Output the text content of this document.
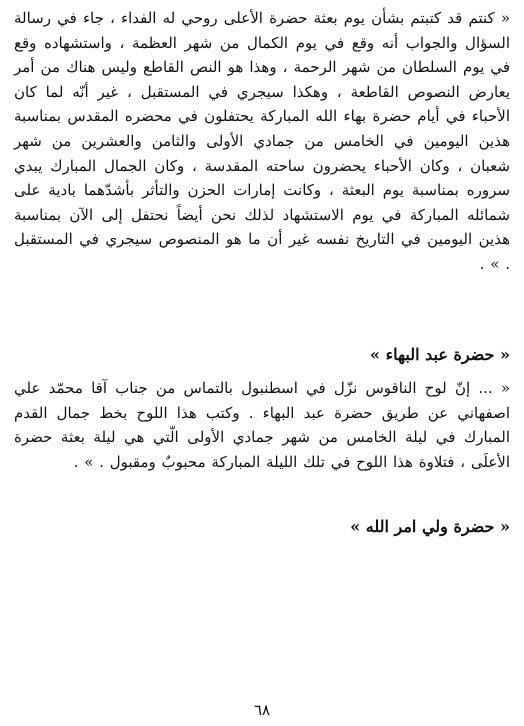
« كنتم قد كتبتم بشأن يوم بعثة حضرة الأعلى روحي له الفداء ، جاء في رسالة السؤال والجواب أنه وقع في يوم الكمال من شهر العظمة ، واستشهاده وقع في يوم السلطان من شهر الرحمة ، وهذا هو النص القاطع وليس هناك من أمر يعارض النصوص القاطعة ، وهكذا سيجري في المستقبل ، غير أنّه لما كان الأحباء في أيام حضرة بهاء الله المباركة يحتفلون في محضره المقدس بمناسبة هذين اليومين في الخامس من جمادي الأولى والثامن والعشرين من شهر شعبان ، وكان الأحباء يحضرون ساحته المقدسة ، وكان الجمال المبارك يبدي سروره بمناسبة يوم البعثة ، وكانت إمارات الحزن والتأثر بأشدّهما بادية على شمائله المباركة في يوم الاستشهاد لذلك نحن أيضاً نحتفل إلى الآن بمناسبة هذين اليومين في التاريخ نفسه غير أن ما هو المنصوص سيجري في المستقبل . » .

« حضرة عبد البهاء »

« ... إنّ لوح الناقوس نزّل في اسطنبول بالتماس من جناب آقا محمّد علي اصفهاني عن طريق حضرة عبد البهاء . وكتب هذا اللوح بخط جمال القدم المبارك في ليلة الخامس من شهر جمادي الأولى الّتي هي ليلة بعثة حضرة الأعلَى ، فتلاوة هذا اللوح في تلك الليلة المباركة محبوبٌ ومقبول . » .

« حضرة ولي امر الله »
٦٨
